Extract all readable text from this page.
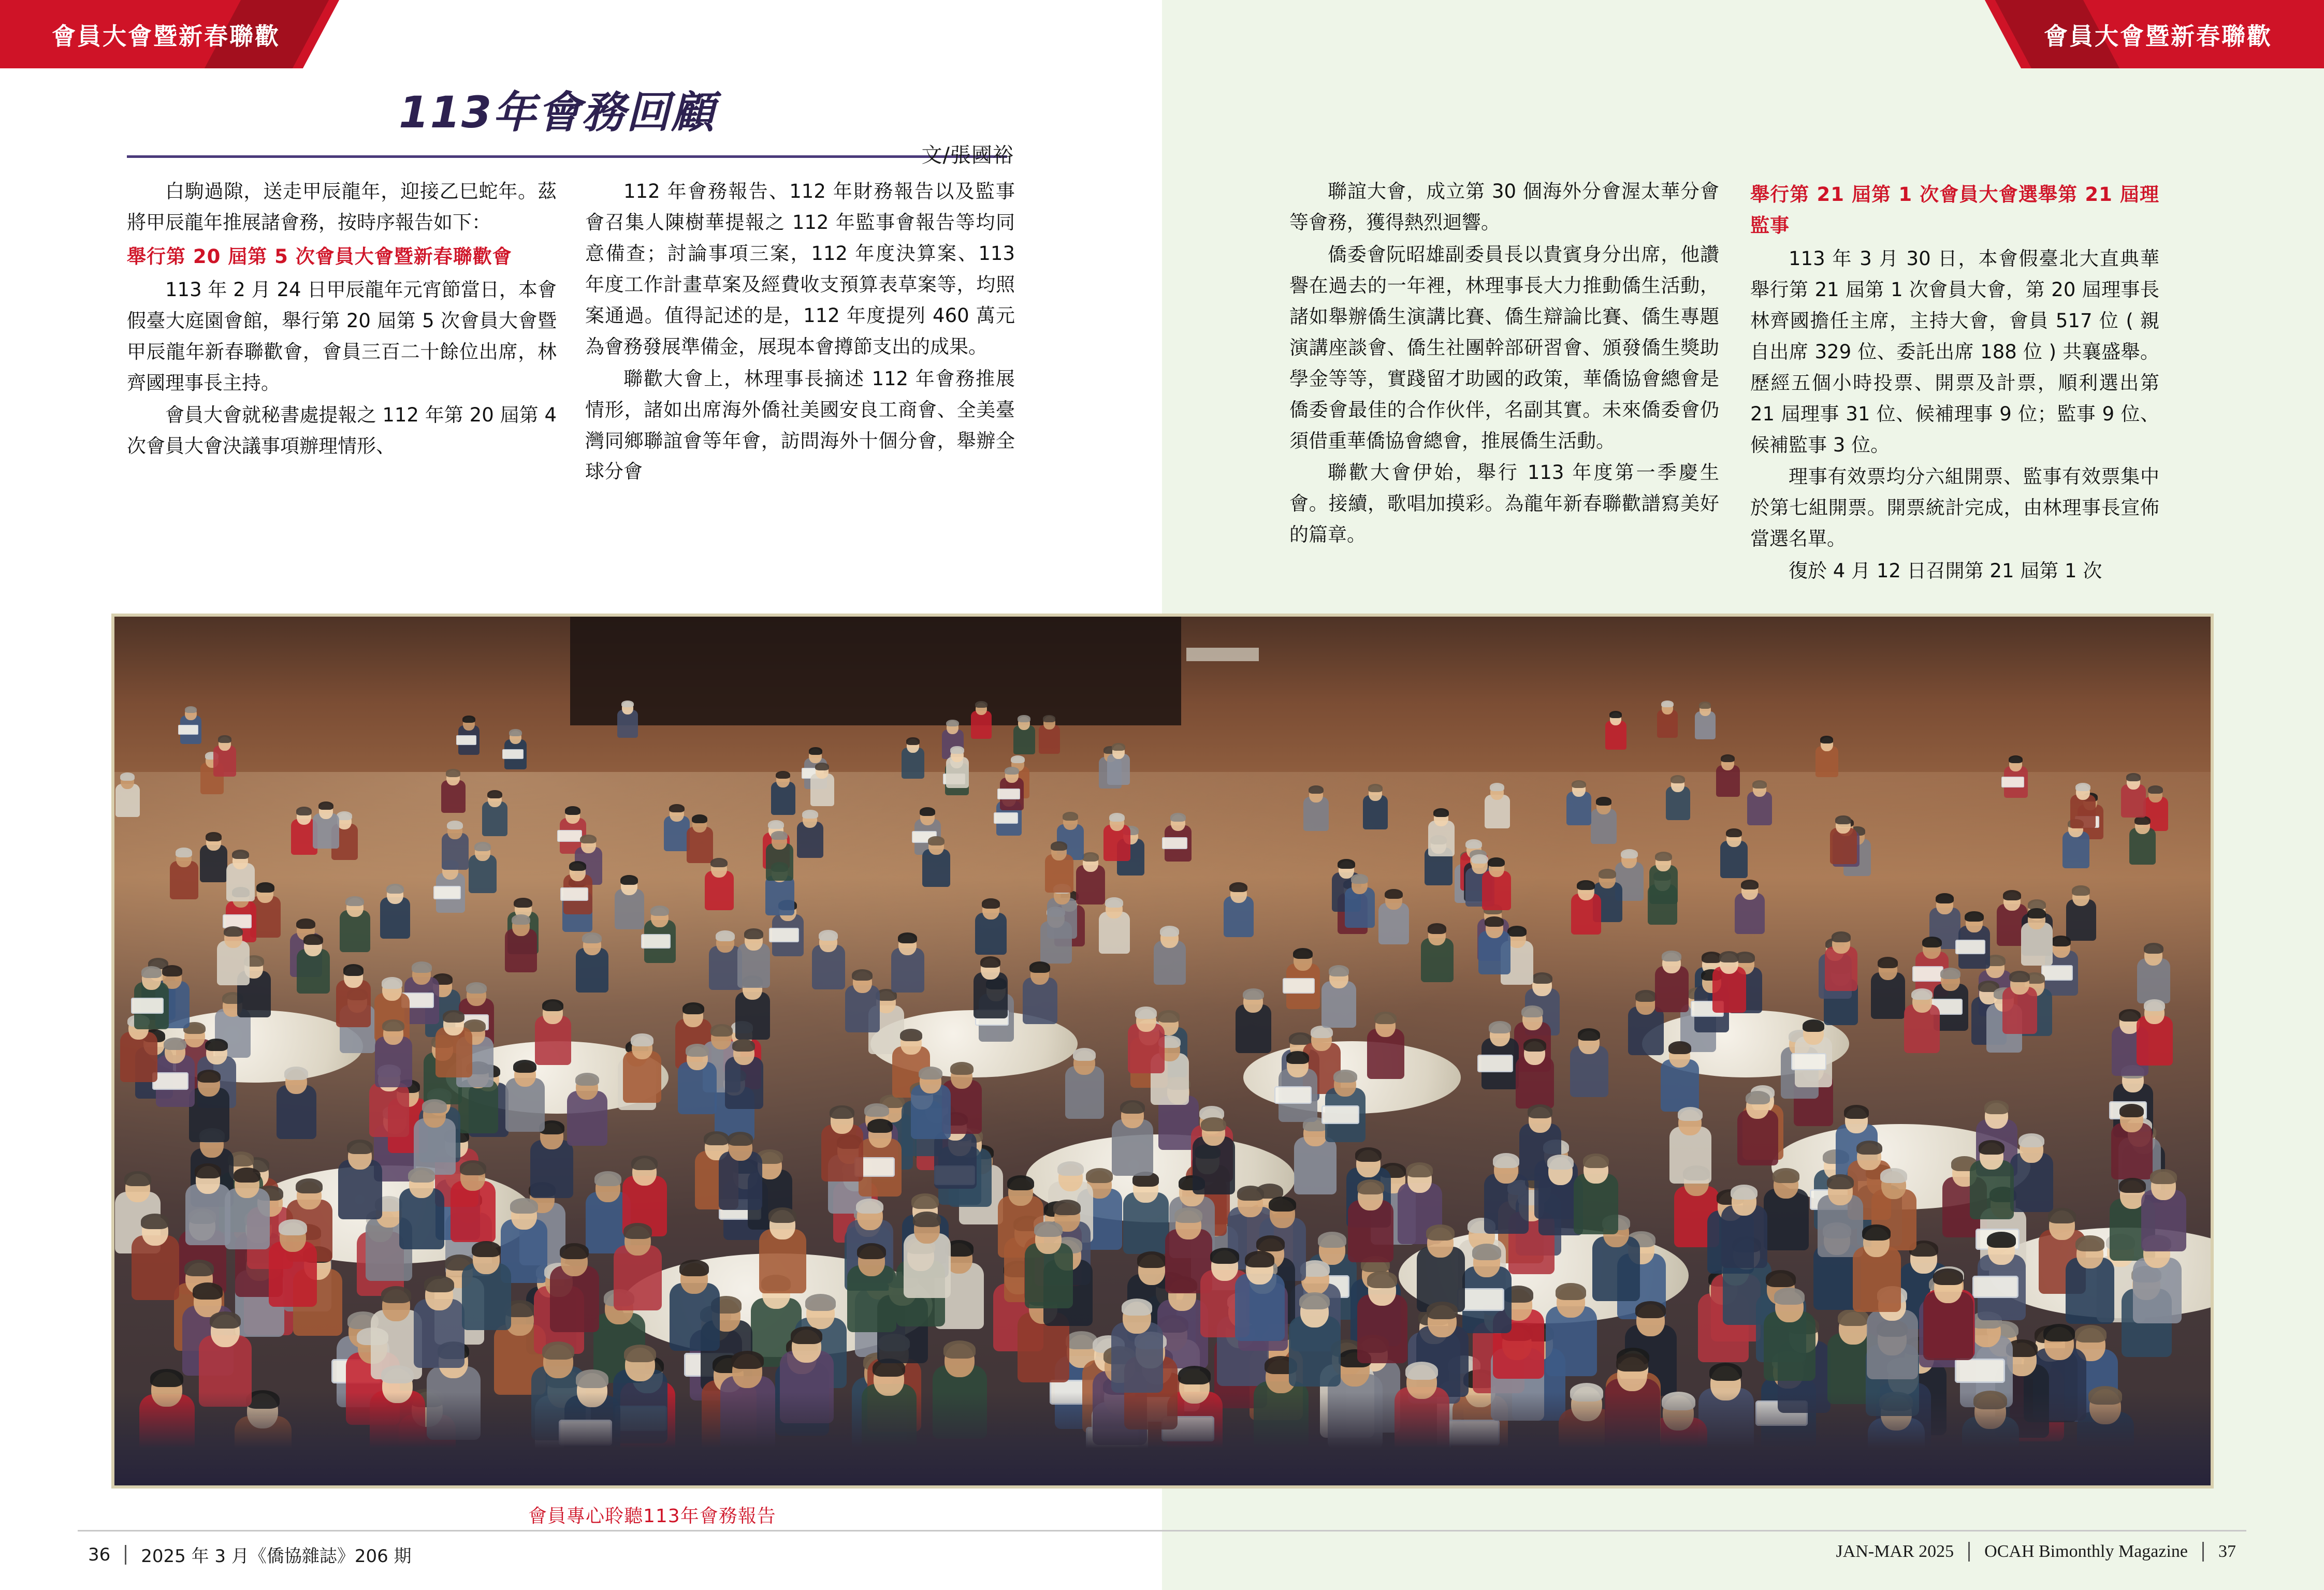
會員大會暨新春聯歡	會員大會暨新春聯歡
113年會務回顧
文/張國裕

白駒過隙，送走甲辰龍年，迎接乙巳蛇年。茲將甲辰龍年推展諸會務，按時序報告如下：

舉行第 20 屆第 5 次會員大會暨新春聯歡會

113 年 2 月 24 日甲辰龍年元宵節當日，本會假臺大庭園會館，舉行第 20 屆第 5 次會員大會暨甲辰龍年新春聯歡會，會員三百二十餘位出席，林齊國理事長主持。

會員大會就秘書處提報之 112 年第 20 屆第 4 次會員大會決議事項辦理情形、

112 年會務報告、112 年財務報告以及監事會召集人陳樹華提報之 112 年監事會報告等均同意備查；討論事項三案，112 年度決算案、113 年度工作計畫草案及經費收支預算表草案等，均照案通過。值得記述的是，112 年度提列 460 萬元為會務發展準備金，展現本會撙節支出的成果。

聯歡大會上，林理事長摘述 112 年會務推展情形，諸如出席海外僑社美國安良工商會、全美臺灣同鄉聯誼會等年會，訪問海外十個分會，舉辦全球分會

聯誼大會，成立第 30 個海外分會渥太華分會等會務，獲得熱烈迴響。

僑委會阮昭雄副委員長以貴賓身分出席，他讚譽在過去的一年裡，林理事長大力推動僑生活動，諸如舉辦僑生演講比賽、僑生辯論比賽、僑生專題演講座談會、僑生社團幹部研習會、頒發僑生獎助學金等等，實踐留才助國的政策，華僑協會總會是僑委會最佳的合作伙伴，名副其實。未來僑委會仍須借重華僑協會總會，推展僑生活動。

聯歡大會伊始，舉行 113 年度第一季慶生會。接續，歌唱加摸彩。為龍年新春聯歡譜寫美好的篇章。

舉行第 21 屆第 1 次會員大會選舉第 21 屆理監事

113 年 3 月 30 日，本會假臺北大直典華舉行第 21 屆第 1 次會員大會，第 20 屆理事長林齊國擔任主席，主持大會，會員 517 位 ( 親自出席 329 位、委託出席 188 位 ) 共襄盛舉。歷經五個小時投票、開票及計票，順利選出第 21 屆理事 31 位、候補理事 9 位；監事 9 位、候補監事 3 位。

理事有效票均分六組開票、監事有效票集中於第七組開票。開票統計完成，由林理事長宣佈當選名單。

復於 4 月 12 日召開第 21 屆第 1 次

會員專心聆聽113年會務報告
36 2025 年 3 月《僑協雜誌》206 期	JAN-MAR 2025 OCAH Bimonthly Magazine 37
